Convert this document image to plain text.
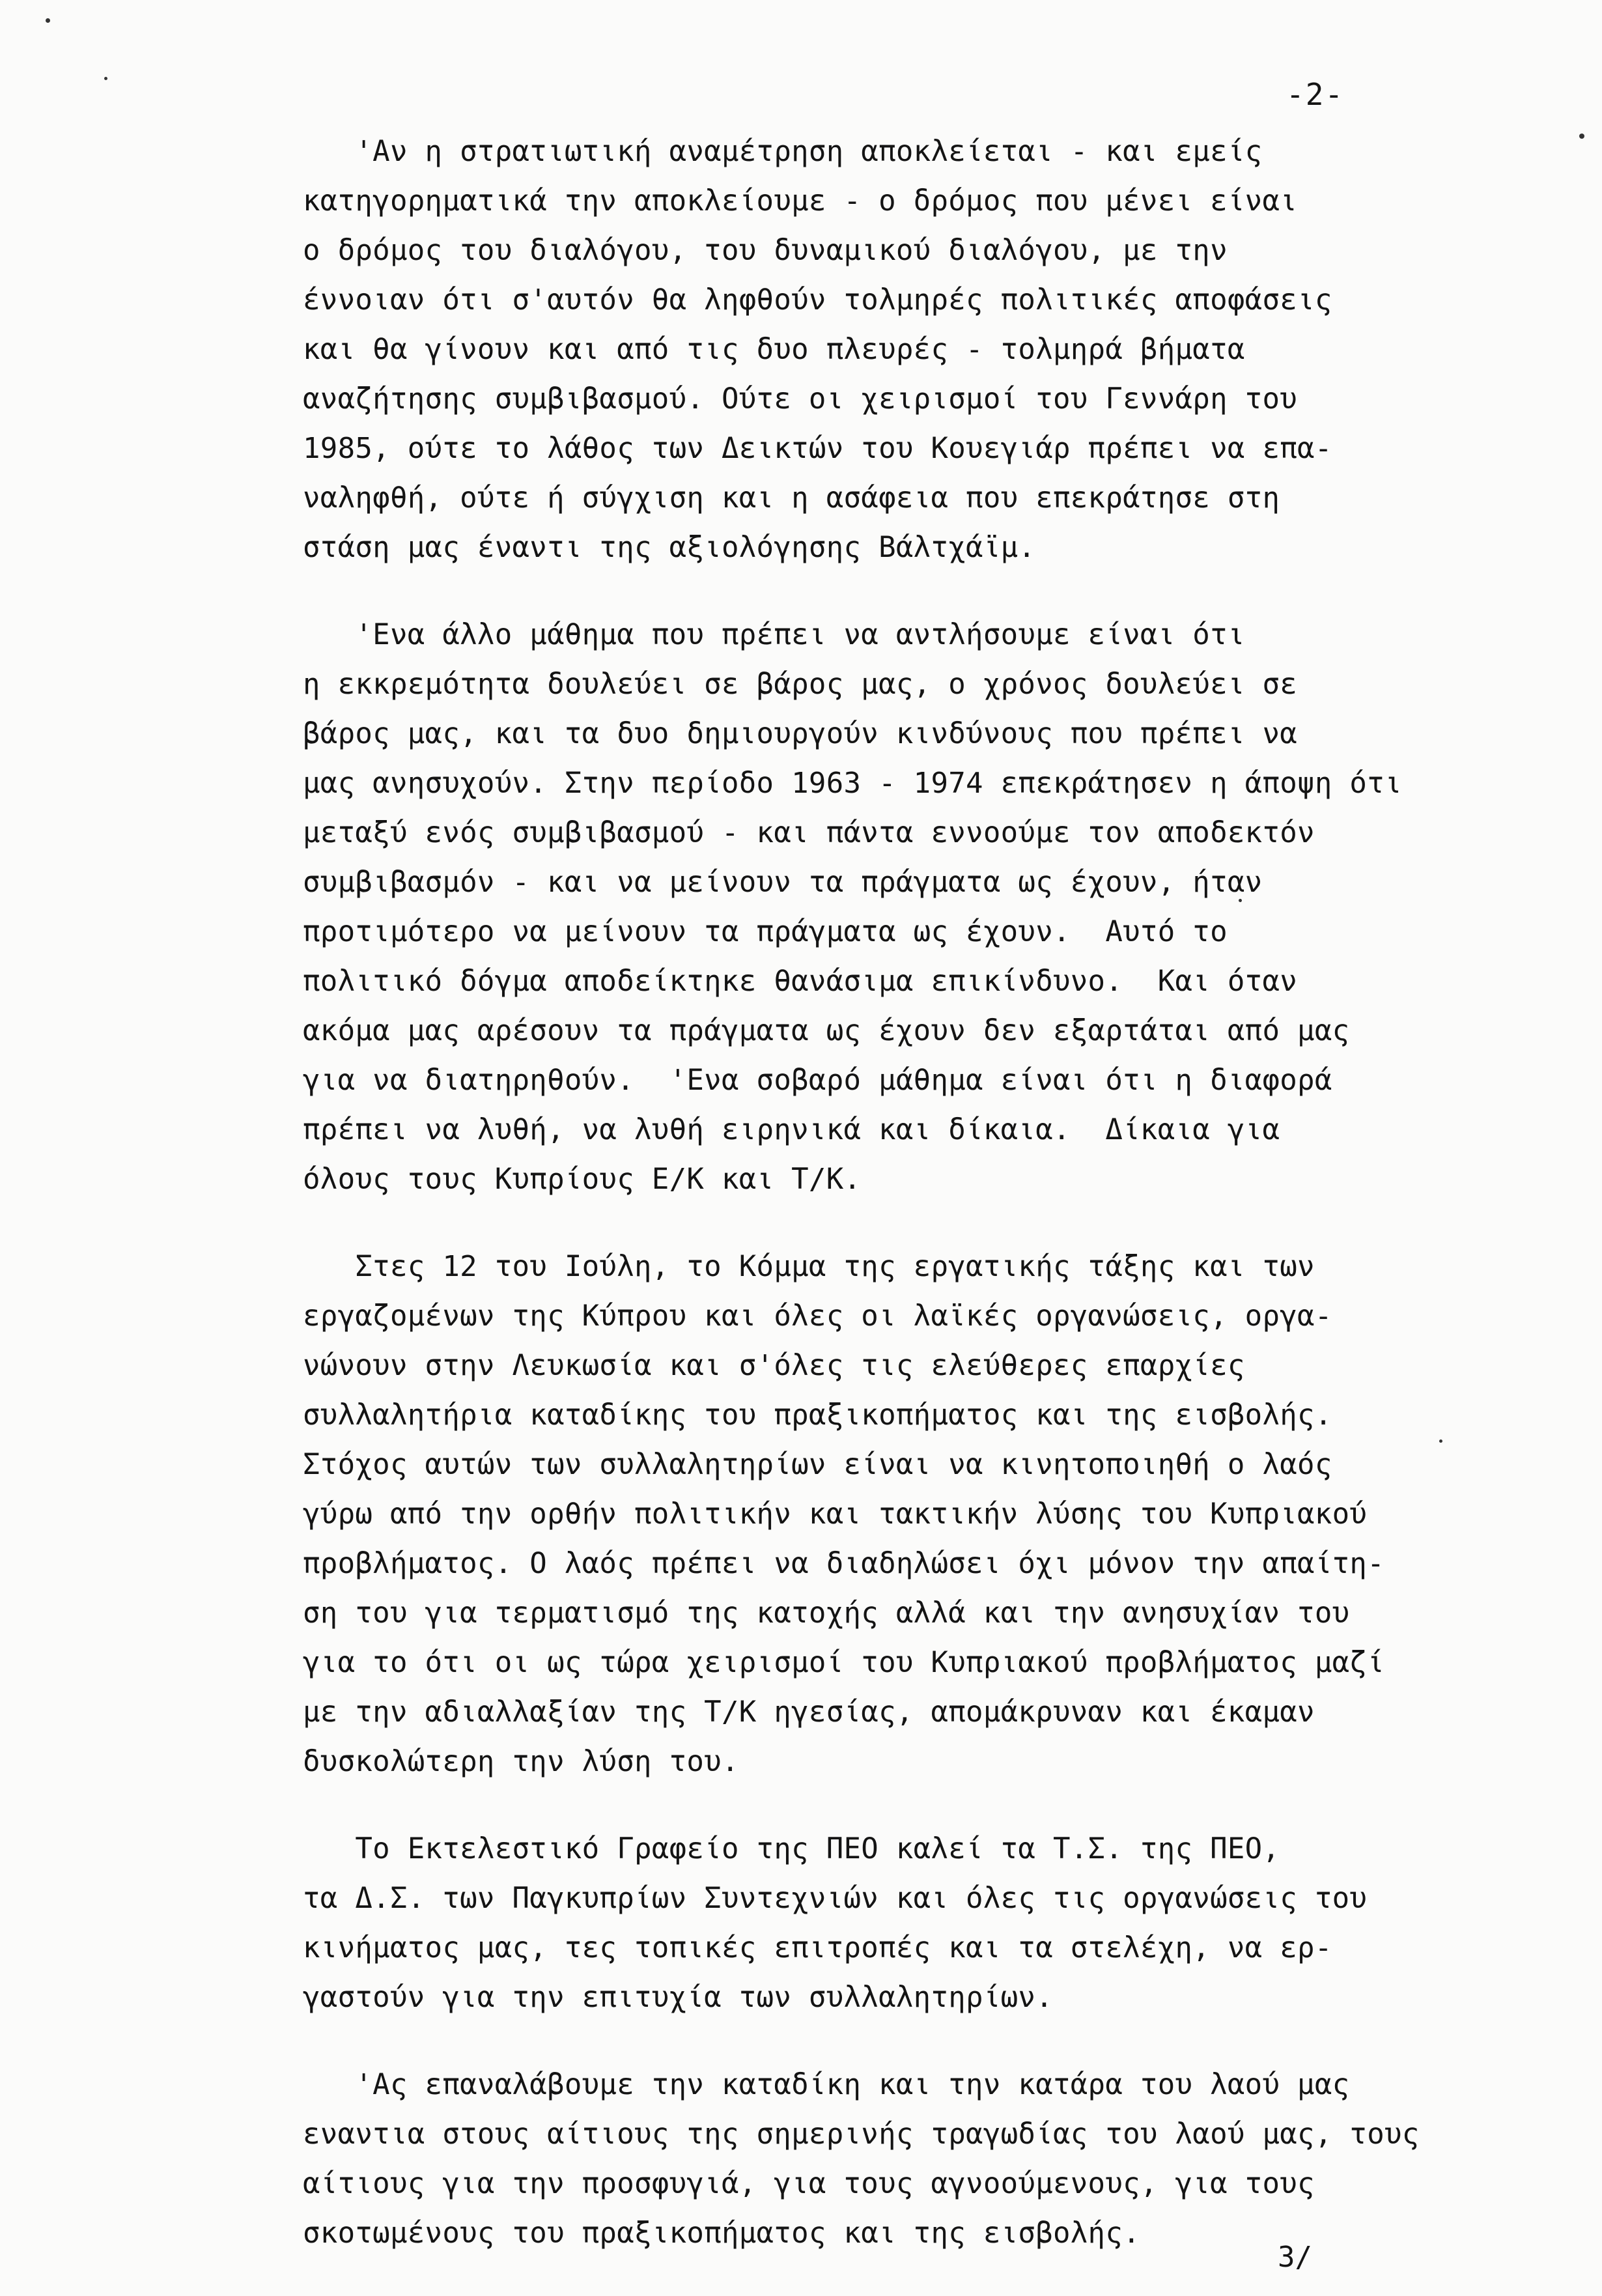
-2-
'Αν η στρατιωτική αναμέτρηση αποκλείεται - και εμείς
κατηγορηματικά την αποκλείουμε - ο δρόμος που μένει είναι
ο δρόμος του διαλόγου, του δυναμικού διαλόγου, με την
έννοιαν ότι σ'αυτόν θα ληφθούν τολμηρές πολιτικές αποφάσεις
και θα γίνουν και από τις δυο πλευρές - τολμηρά βήματα
αναζήτησης συμβιβασμού. Ούτε οι χειρισμοί του Γεννάρη του
1985, ούτε το λάθος των Δεικτών του Κουεγιάρ πρέπει να επα-
ναληφθή, ούτε ή σύγχιση και η ασάφεια που επεκράτησε στη
στάση μας έναντι της αξιολόγησης Βάλτχάϊμ.
'Ενα άλλο μάθημα που πρέπει να αντλήσουμε είναι ότι
η εκκρεμότητα δουλεύει σε βάρος μας, ο χρόνος δουλεύει σε
βάρος μας, και τα δυο δημιουργούν κινδύνους που πρέπει να
μας ανησυχούν. Στην περίοδο 1963 - 1974 επεκράτησεν η άποψη ότι
μεταξύ ενός συμβιβασμού - και πάντα εννοούμε τον αποδεκτόν
συμβιβασμόν - και να μείνουν τα πράγματα ως έχουν, ήταν
προτιμότερο να μείνουν τα πράγματα ως έχουν.  Αυτό το
πολιτικό δόγμα αποδείκτηκε θανάσιμα επικίνδυνο.  Και όταν
ακόμα μας αρέσουν τα πράγματα ως έχουν δεν εξαρτάται από μας
για να διατηρηθούν.  'Ενα σοβαρό μάθημα είναι ότι η διαφορά
πρέπει να λυθή, να λυθή ειρηνικά και δίκαια.  Δίκαια για
όλους τους Κυπρίους Ε/Κ και Τ/Κ.
Στες 12 του Ιούλη, το Κόμμα της εργατικής τάξης και των
εργαζομένων της Κύπρου και όλες οι λαϊκές οργανώσεις, οργα-
νώνουν στην Λευκωσία και σ'όλες τις ελεύθερες επαρχίες
συλλαλητήρια καταδίκης του πραξικοπήματος και της εισβολής.
Στόχος αυτών των συλλαλητηρίων είναι να κινητοποιηθή ο λαός
γύρω από την ορθήν πολιτικήν και τακτικήν λύσης του Κυπριακού
προβλήματος. Ο λαός πρέπει να διαδηλώσει όχι μόνον την απαίτη-
ση του για τερματισμό της κατοχής αλλά και την ανησυχίαν του
για το ότι οι ως τώρα χειρισμοί του Κυπριακού προβλήματος μαζί
με την αδιαλλαξίαν της Τ/Κ ηγεσίας, απομάκρυναν και έκαμαν
δυσκολώτερη την λύση του.
Το Εκτελεστικό Γραφείο της ΠΕΟ καλεί τα Τ.Σ. της ΠΕΟ,
τα Δ.Σ. των Παγκυπρίων Συντεχνιών και όλες τις οργανώσεις του
κινήματος μας, τες τοπικές επιτροπές και τα στελέχη, να ερ-
γαστούν για την επιτυχία των συλλαλητηρίων.
'Ας επαναλάβουμε την καταδίκη και την κατάρα του λαού μας
εναντια στους αίτιους της σημερινής τραγωδίας του λαού μας, τους
αίτιους για την προσφυγιά, για τους αγνοούμενους, για τους
σκοτωμένους του πραξικοπήματος και της εισβολής.
3/
